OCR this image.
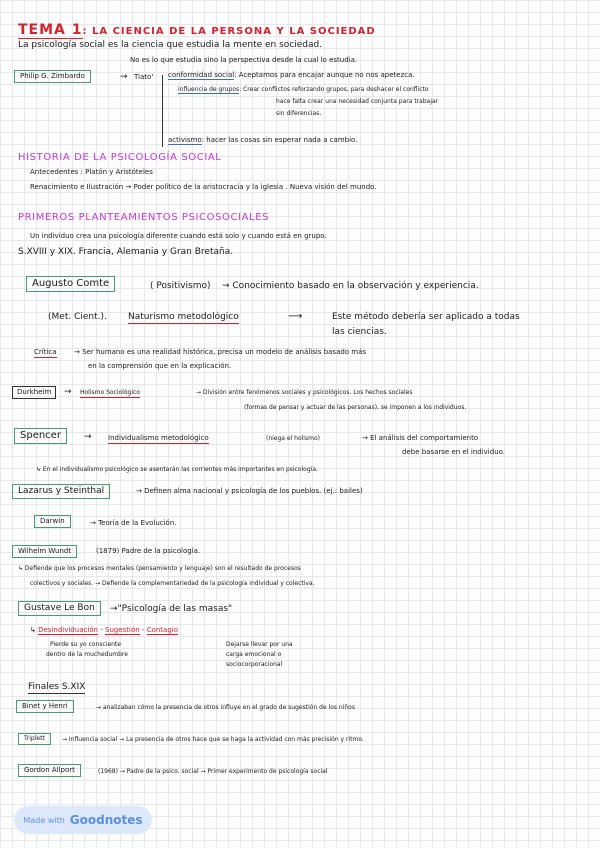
TEMA 1: LA CIENCIA DE LA PERSONA Y LA SOCIEDAD
La psicología social es la ciencia que estudia la mente en sociedad.
No es lo que estudia sino la perspectiva desde la cual lo estudia.
Philip G. Zimbardo	→ Tiato' conformidad social: Aceptamos para encajar aunque no nos apetezca.
influencia de grupos: Crear conflictos reforzando grupos, para deshacer el conflicto
hace falta crear una necesidad conjunta para trabajar
sin diferencias.
activismo: hacer las cosas sin esperar nada a cambio.
HISTORIA DE LA PSICOLOGÍA SOCIAL
Antecedentes : Platón y Aristóteles
Renacimiento e Ilustración → Poder político de la aristocracia y la iglesia . Nueva visión del mundo.
PRIMEROS PLANTEAMIENTOS PSICOSOCIALES
Un individuo crea una psicología diferente cuando está solo y cuando está en grupo.
S.XVIII y XIX. Francia, Alemania y Gran Bretaña.
Augusto Comte	( Positivismo) → Conocimiento basado en la observación y experiencia.
(Met. Cient.). Naturismo metodológico	⟶	Este método debería ser aplicado a todas
las ciencias.
Crítica → Ser humano es una realidad histórica, precisa un modelo de análisis basado más
en la comprensión que en la explicación.
Durkheim	→ Holismo Sociológico	→ División entre fenómenos sociales y psicológicos. Los hechos sociales
(formas de pensar y actuar de las personas), se imponen a los individuos.
Spencer	→ Individualismo metodológico	(niega el holismo)	→ El análisis del comportamiento
debe basarse en el individuo.
↳ En el individualismo psicológico se asentarán las corrientes más importantes en psicología.
Lazarus y Steinthal	→ Definen alma nacional y psicología de los pueblos. (ej.: bailes)
Darwin	→ Teoría de la Evolución.
Wilhelm Wundt	(1879) Padre de la psicología.
↳ Defiende que los procesos mentales (pensamiento y lenguaje) son el resultado de procesos
colectivos y sociales. → Defiende la complementariedad de la psicología individual y colectiva.
Gustave Le Bon	→"Psicología de las masas"
↳ Desindividuación - Sugestión - Contagio
Pierde su yo consciente
dentro de la muchedumbre
Dejarse llevar por una
carga emocional o
sociocorporacional
Finales S.XIX
Binet y Henri	→ analizaban cómo la presencia de otros influye en el grado de sugestión de los niños
Triplett	→ Influencia social → La presencia de otros hace que se haga la actividad con más precisión y ritmo.
Gordon Allport	(1968) → Padre de la psico. social → Primer experimento de psicología social
Made with Goodnotes
